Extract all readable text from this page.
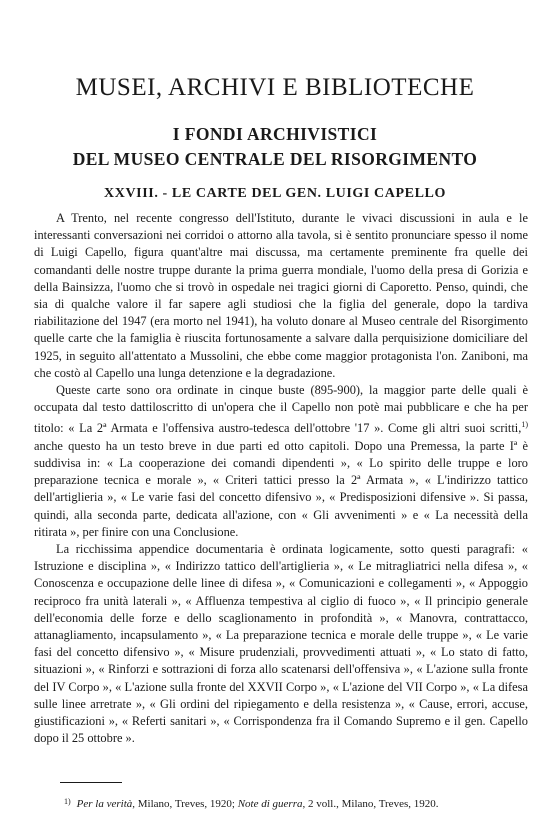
MUSEI, ARCHIVI E BIBLIOTECHE
I FONDI ARCHIVISTICI
DEL MUSEO CENTRALE DEL RISORGIMENTO
XXVIII. - LE CARTE DEL GEN. LUIGI CAPELLO

A Trento, nel recente congresso dell'Istituto, durante le vivaci discussioni in aula e le interessanti conversazioni nei corridoi o attorno alla tavola, si è sentito pronunciare spesso il nome di Luigi Capello, figura quant'altre mai discussa, ma certamente preminente fra quelle dei comandanti delle nostre truppe durante la prima guerra mondiale, l'uomo della presa di Gorizia e della Bainsizza, l'uomo che si trovò in ospedale nei tragici giorni di Caporetto. Penso, quindi, che sia di qualche valore il far sapere agli studiosi che la figlia del generale, dopo la tardiva riabilitazione del 1947 (era morto nel 1941), ha voluto donare al Museo centrale del Risorgimento quelle carte che la famiglia è riuscita fortunosamente a salvare dalla perquisizione domiciliare del 1925, in seguito all'attentato a Mussolini, che ebbe come maggior protagonista l'on. Zaniboni, ma che costò al Capello una lunga detenzione e la degradazione.

Queste carte sono ora ordinate in cinque buste (895-900), la maggior parte delle quali è occupata dal testo dattiloscritto di un'opera che il Capello non potè mai pubblicare e che ha per titolo: « La 2ª Armata e l'offensiva austro-tedesca dell'ottobre '17 ». Come gli altri suoi scritti,$^{1)}$ anche questo ha un testo breve in due parti ed otto capitoli. Dopo una Premessa, la parte Iª è suddivisa in: « La cooperazione dei comandi dipendenti », « Lo spirito delle truppe e loro preparazione tecnica e morale », « Criteri tattici presso la 2ª Armata », « L'indirizzo tattico dell'artiglieria », « Le varie fasi del concetto difensivo », « Predisposizioni difensive ». Si passa, quindi, alla seconda parte, dedicata all'azione, con « Gli avvenimenti » e « La necessità della ritirata », per finire con una Conclusione.

La ricchissima appendice documentaria è ordinata logicamente, sotto questi paragrafi: « Istruzione e disciplina », « Indirizzo tattico dell'artiglieria », « Le mitragliatrici nella difesa », « Conoscenza e occupazione delle linee di difesa », « Comunicazioni e collegamenti », « Appoggio reciproco fra unità laterali », « Affluenza tempestiva al ciglio di fuoco », « Il principio generale dell'economia delle forze e dello scaglionamento in profondità », « Manovra, contrattacco, attanagliamento, incapsulamento », « La preparazione tecnica e morale delle truppe », « Le varie fasi del concetto difensivo », « Misure prudenziali, provvedimenti attuati », « Lo stato di fatto, situazioni », « Rinforzi e sottrazioni di forza allo scatenarsi dell'offensiva », « L'azione sulla fronte del IV Corpo », « L'azione sulla fronte del XXVII Corpo », « L'azione del VII Corpo », « La difesa sulle linee arretrate », « Gli ordini del ripiegamento e della resistenza », « Cause, errori, accuse, giustificazioni », « Referti sanitari », « Corrispondenza fra il Comando Supremo e il gen. Capello dopo il 25 ottobre ».

$^{1)}$ Per la verità, Milano, Treves, 1920; Note di guerra, 2 voll., Milano, Treves, 1920.
